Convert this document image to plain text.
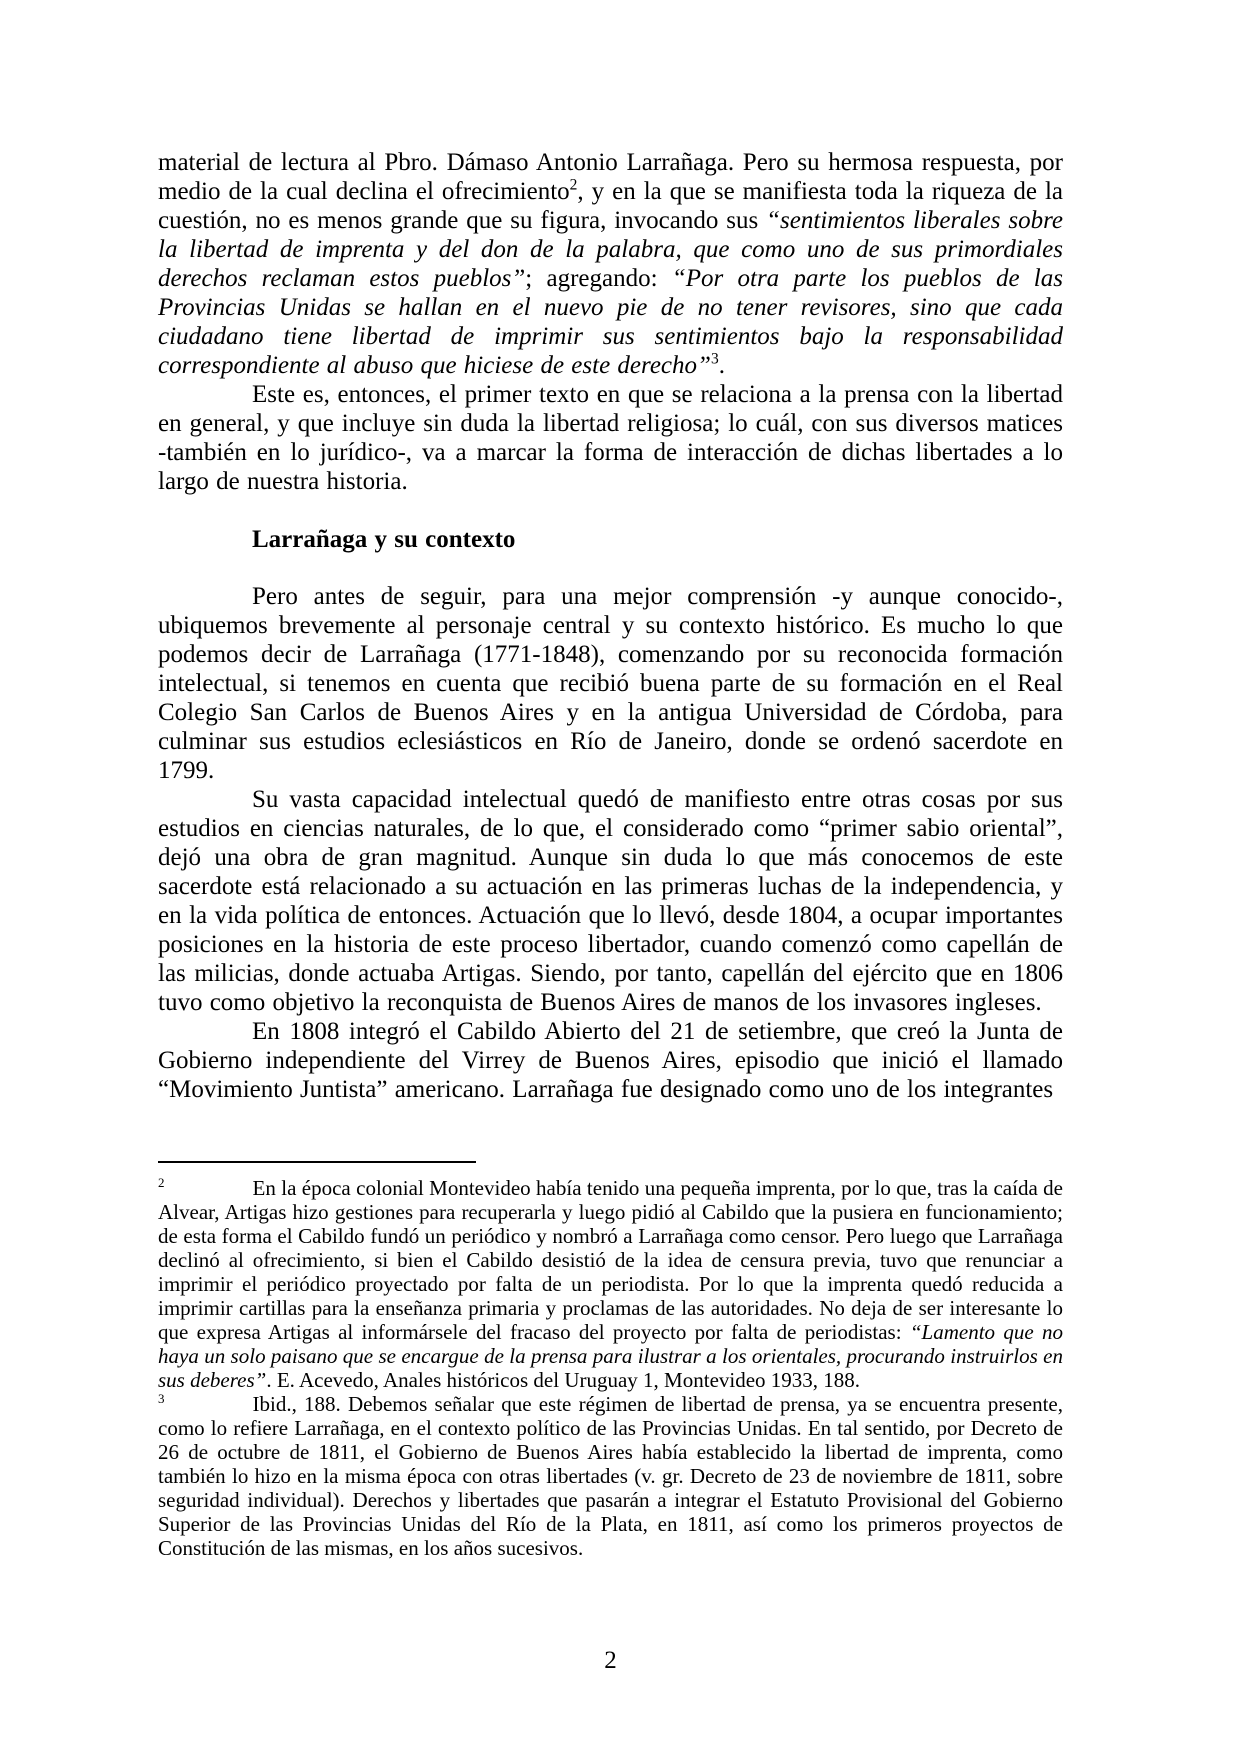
material de lectura al Pbro. Dámaso Antonio Larrañaga. Pero su hermosa respuesta, por medio de la cual declina el ofrecimiento$^2$, y en la que se manifiesta toda la riqueza de la cuestión, no es menos grande que su figura, invocando sus “sentimientos liberales sobre la libertad de imprenta y del don de la palabra, que como uno de sus primordiales derechos reclaman estos pueblos”; agregando: “Por otra parte los pueblos de las Provincias Unidas se hallan en el nuevo pie de no tener revisores, sino que cada ciudadano tiene libertad de imprimir sus sentimientos bajo la responsabilidad correspondiente al abuso que hiciese de este derecho”$^3$.

Este es, entonces, el primer texto en que se relaciona a la prensa con la libertad en general, y que incluye sin duda la libertad religiosa; lo cuál, con sus diversos matices -también en lo jurídico-, va a marcar la forma de interacción de dichas libertades a lo largo de nuestra historia.

Larrañaga y su contexto

Pero antes de seguir, para una mejor comprensión -y aunque conocido-, ubiquemos brevemente al personaje central y su contexto histórico. Es mucho lo que podemos decir de Larrañaga (1771-1848), comenzando por su reconocida formación intelectual, si tenemos en cuenta que recibió buena parte de su formación en el Real Colegio San Carlos de Buenos Aires y en la antigua Universidad de Córdoba, para culminar sus estudios eclesiásticos en Río de Janeiro, donde se ordenó sacerdote en 1799.

Su vasta capacidad intelectual quedó de manifiesto entre otras cosas por sus estudios en ciencias naturales, de lo que, el considerado como “primer sabio oriental”, dejó una obra de gran magnitud. Aunque sin duda lo que más conocemos de este sacerdote está relacionado a su actuación en las primeras luchas de la independencia, y en la vida política de entonces. Actuación que lo llevó, desde 1804, a ocupar importantes posiciones en la historia de este proceso libertador, cuando comenzó como capellán de las milicias, donde actuaba Artigas. Siendo, por tanto, capellán del ejército que en 1806 tuvo como objetivo la reconquista de Buenos Aires de manos de los invasores ingleses.

En 1808 integró el Cabildo Abierto del 21 de setiembre, que creó la Junta de Gobierno independiente del Virrey de Buenos Aires, episodio que inició el llamado “Movimiento Juntista” americano. Larrañaga fue designado como uno de los integrantes

$^2$	En la época colonial Montevideo había tenido una pequeña imprenta, por lo que, tras la caída de Alvear, Artigas hizo gestiones para recuperarla y luego pidió al Cabildo que la pusiera en funcionamiento; de esta forma el Cabildo fundó un periódico y nombró a Larrañaga como censor. Pero luego que Larrañaga declinó al ofrecimiento, si bien el Cabildo desistió de la idea de censura previa, tuvo que renunciar a imprimir el periódico proyectado por falta de un periodista. Por lo que la imprenta quedó reducida a imprimir cartillas para la enseñanza primaria y proclamas de las autoridades. No deja de ser interesante lo que expresa Artigas al informársele del fracaso del proyecto por falta de periodistas: “Lamento que no haya un solo paisano que se encargue de la prensa para ilustrar a los orientales, procurando instruirlos en sus deberes”. E. Acevedo, Anales históricos del Uruguay 1, Montevideo 1933, 188.

$^3$	Ibid., 188. Debemos señalar que este régimen de libertad de prensa, ya se encuentra presente, como lo refiere Larrañaga, en el contexto político de las Provincias Unidas. En tal sentido, por Decreto de 26 de octubre de 1811, el Gobierno de Buenos Aires había establecido la libertad de imprenta, como también lo hizo en la misma época con otras libertades (v. gr. Decreto de 23 de noviembre de 1811, sobre seguridad individual). Derechos y libertades que pasarán a integrar el Estatuto Provisional del Gobierno Superior de las Provincias Unidas del Río de la Plata, en 1811, así como los primeros proyectos de Constitución de las mismas, en los años sucesivos.

2
